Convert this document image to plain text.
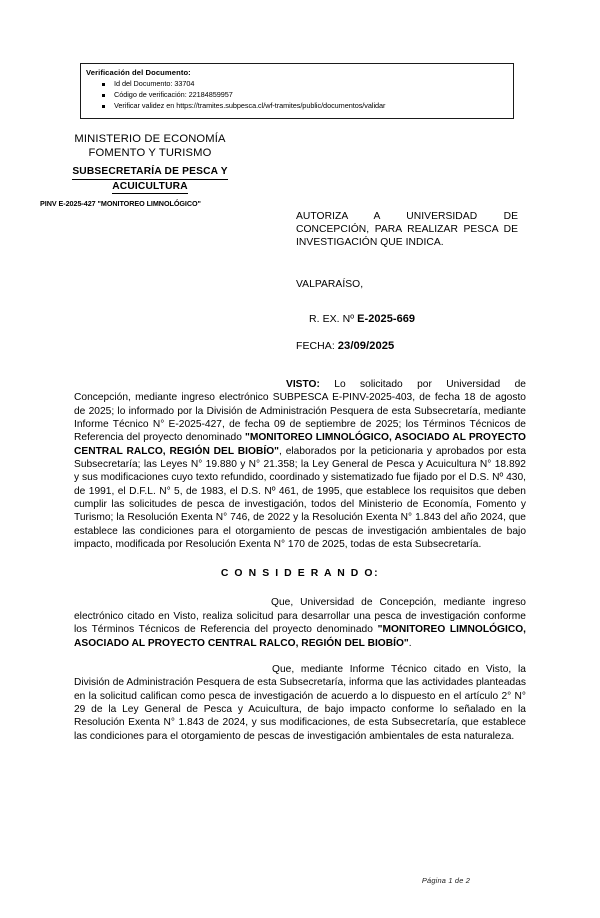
Verificación del Documento:
Id del Documento: 33704
Código de verificación: 22184859957
Verificar validez en https://tramites.subpesca.cl/wf-tramites/public/documentos/validar
MINISTERIO DE ECONOMÍA
FOMENTO Y TURISMO
SUBSECRETARÍA DE PESCA Y
ACUICULTURA
PINV E-2025-427 "MONITOREO LIMNOLÓGICO"
AUTORIZA A UNIVERSIDAD DE CONCEPCIÓN, PARA REALIZAR PESCA DE INVESTIGACIÓN QUE INDICA.
VALPARAÍSO,
R. EX. Nº E-2025-669
FECHA: 23/09/2025

VISTO: Lo solicitado por Universidad de Concepción, mediante ingreso electrónico SUBPESCA E-PINV-2025-403, de fecha 18 de agosto de 2025; lo informado por la División de Administración Pesquera de esta Subsecretaría, mediante Informe Técnico N° E-2025-427, de fecha 09 de septiembre de 2025; los Términos Técnicos de Referencia del proyecto denominado "MONITOREO LIMNOLÓGICO, ASOCIADO AL PROYECTO CENTRAL RALCO, REGIÓN DEL BIOBÍO", elaborados por la peticionaria y aprobados por esta Subsecretaría; las Leyes N° 19.880 y N° 21.358; la Ley General de Pesca y Acuicultura N° 18.892 y sus modificaciones cuyo texto refundido, coordinado y sistematizado fue fijado por el D.S. Nº 430, de 1991, el D.F.L. N° 5, de 1983, el D.S. Nº 461, de 1995, que establece los requisitos que deben cumplir las solicitudes de pesca de investigación, todos del Ministerio de Economía, Fomento y Turismo; la Resolución Exenta N° 746, de 2022 y la Resolución Exenta N° 1.843 del año 2024, que establece las condiciones para el otorgamiento de pescas de investigación ambientales de bajo impacto, modificada por Resolución Exenta N° 170 de 2025, todas de esta Subsecretaría.

C O N S I D E R A N D O:

Que, Universidad de Concepción, mediante ingreso electrónico citado en Visto, realiza solicitud para desarrollar una pesca de investigación conforme los Términos Técnicos de Referencia del proyecto denominado "MONITOREO LIMNOLÓGICO, ASOCIADO AL PROYECTO CENTRAL RALCO, REGIÓN DEL BIOBÍO".

Que, mediante Informe Técnico citado en Visto, la División de Administración Pesquera de esta Subsecretaría, informa que las actividades planteadas en la solicitud califican como pesca de investigación de acuerdo a lo dispuesto en el artículo 2° N° 29 de la Ley General de Pesca y Acuicultura, de bajo impacto conforme lo señalado en la Resolución Exenta N° 1.843 de 2024, y sus modificaciones, de esta Subsecretaría, que establece las condiciones para el otorgamiento de pescas de investigación ambientales de esta naturaleza.

Página 1 de 2
